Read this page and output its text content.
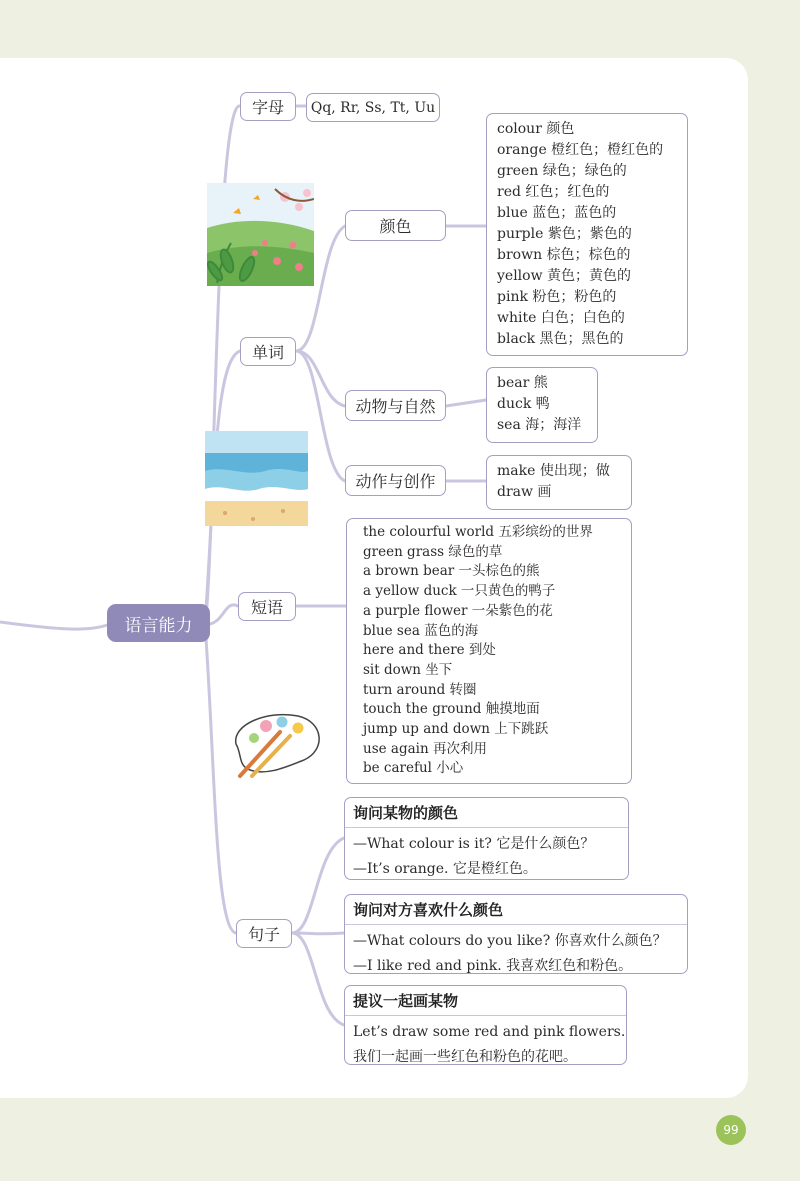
语言能力
字母	Qq, Rr, Ss, Tt, Uu
单词
颜色
动物与自然
动作与创作
colour 颜色
orange 橙红色；橙红色的
green 绿色；绿色的
red 红色；红色的
blue 蓝色；蓝色的
purple 紫色；紫色的
brown 棕色；棕色的
yellow 黄色；黄色的
pink 粉色；粉色的
white 白色；白色的
black 黑色；黑色的
bear 熊
duck 鸭
sea 海；海洋
make 使出现；做
draw 画
短语
the colourful world 五彩缤纷的世界
green grass 绿色的草
a brown bear 一头棕色的熊
a yellow duck 一只黄色的鸭子
a purple flower 一朵紫色的花
blue sea 蓝色的海
here and there 到处
sit down 坐下
turn around 转圈
touch the ground 触摸地面
jump up and down 上下跳跃
use again 再次利用
be careful 小心
句子
询问某物的颜色
—What colour is it? 它是什么颜色？
—It’s orange. 它是橙红色。
询问对方喜欢什么颜色
—What colours do you like? 你喜欢什么颜色？
—I like red and pink. 我喜欢红色和粉色。
提议一起画某物
Let’s draw some red and pink flowers.
我们一起画一些红色和粉色的花吧。
99
